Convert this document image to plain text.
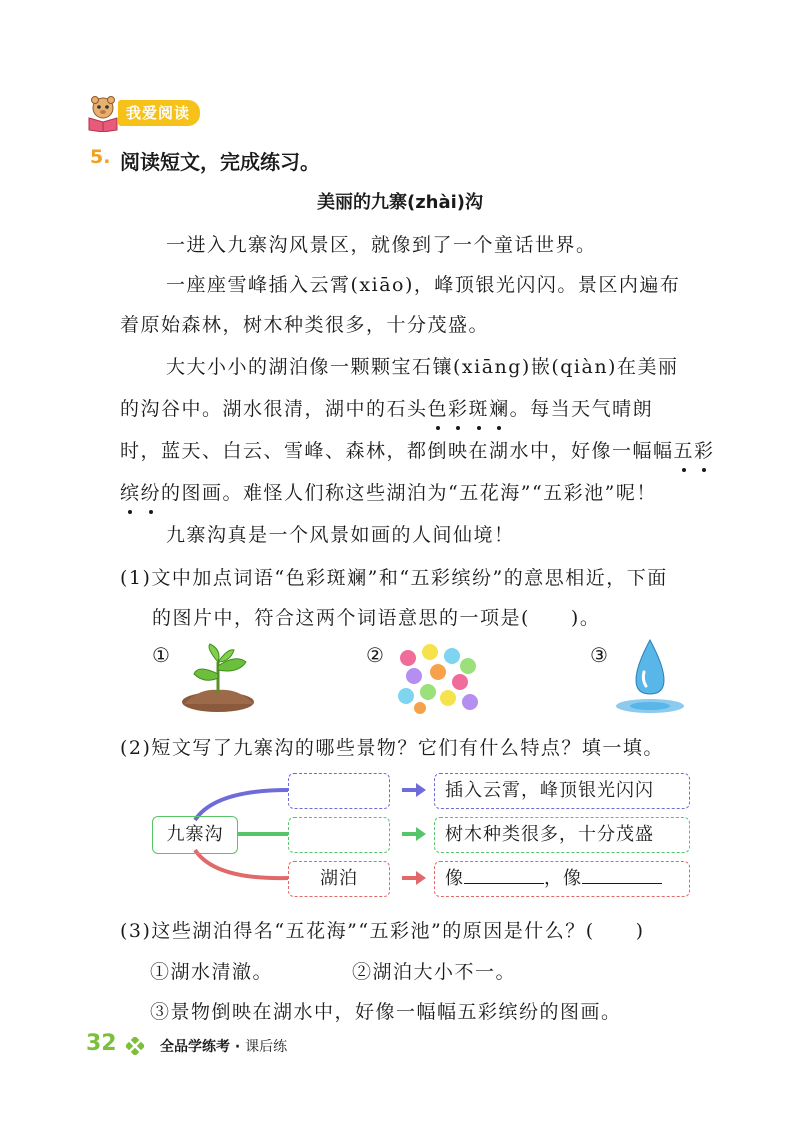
我爱阅读
5. 阅读短文，完成练习。
美丽的九寨(zhài)沟
一进入九寨沟风景区，就像到了一个童话世界。
一座座雪峰插入云霄(xiāo)，峰顶银光闪闪。景区内遍布
着原始森林，树木种类很多，十分茂盛。
大大小小的湖泊像一颗颗宝石镶(xiāng)嵌(qiàn)在美丽
的沟谷中。湖水很清，湖中的石头色彩斑斓。每当天气晴朗
时，蓝天、白云、雪峰、森林，都倒映在湖水中，好像一幅幅五彩
缤纷的图画。难怪人们称这些湖泊为“五花海”“五彩池”呢！
九寨沟真是一个风景如画的人间仙境！
(1)文中加点词语“色彩斑斓”和“五彩缤纷”的意思相近，下面
的图片中，符合这两个词语意思的一项是(　　)。
①	②	③
(2)短文写了九寨沟的哪些景物？它们有什么特点？填一填。
九寨沟
湖泊
插入云霄，峰顶银光闪闪
树木种类很多，十分茂盛
像	，像
(3)这些湖泊得名“五花海”“五彩池”的原因是什么？(　　)
①湖水清澈。	②湖泊大小不一。
③景物倒映在湖水中，好像一幅幅五彩缤纷的图画。
32	全品学练考 · 课后练
